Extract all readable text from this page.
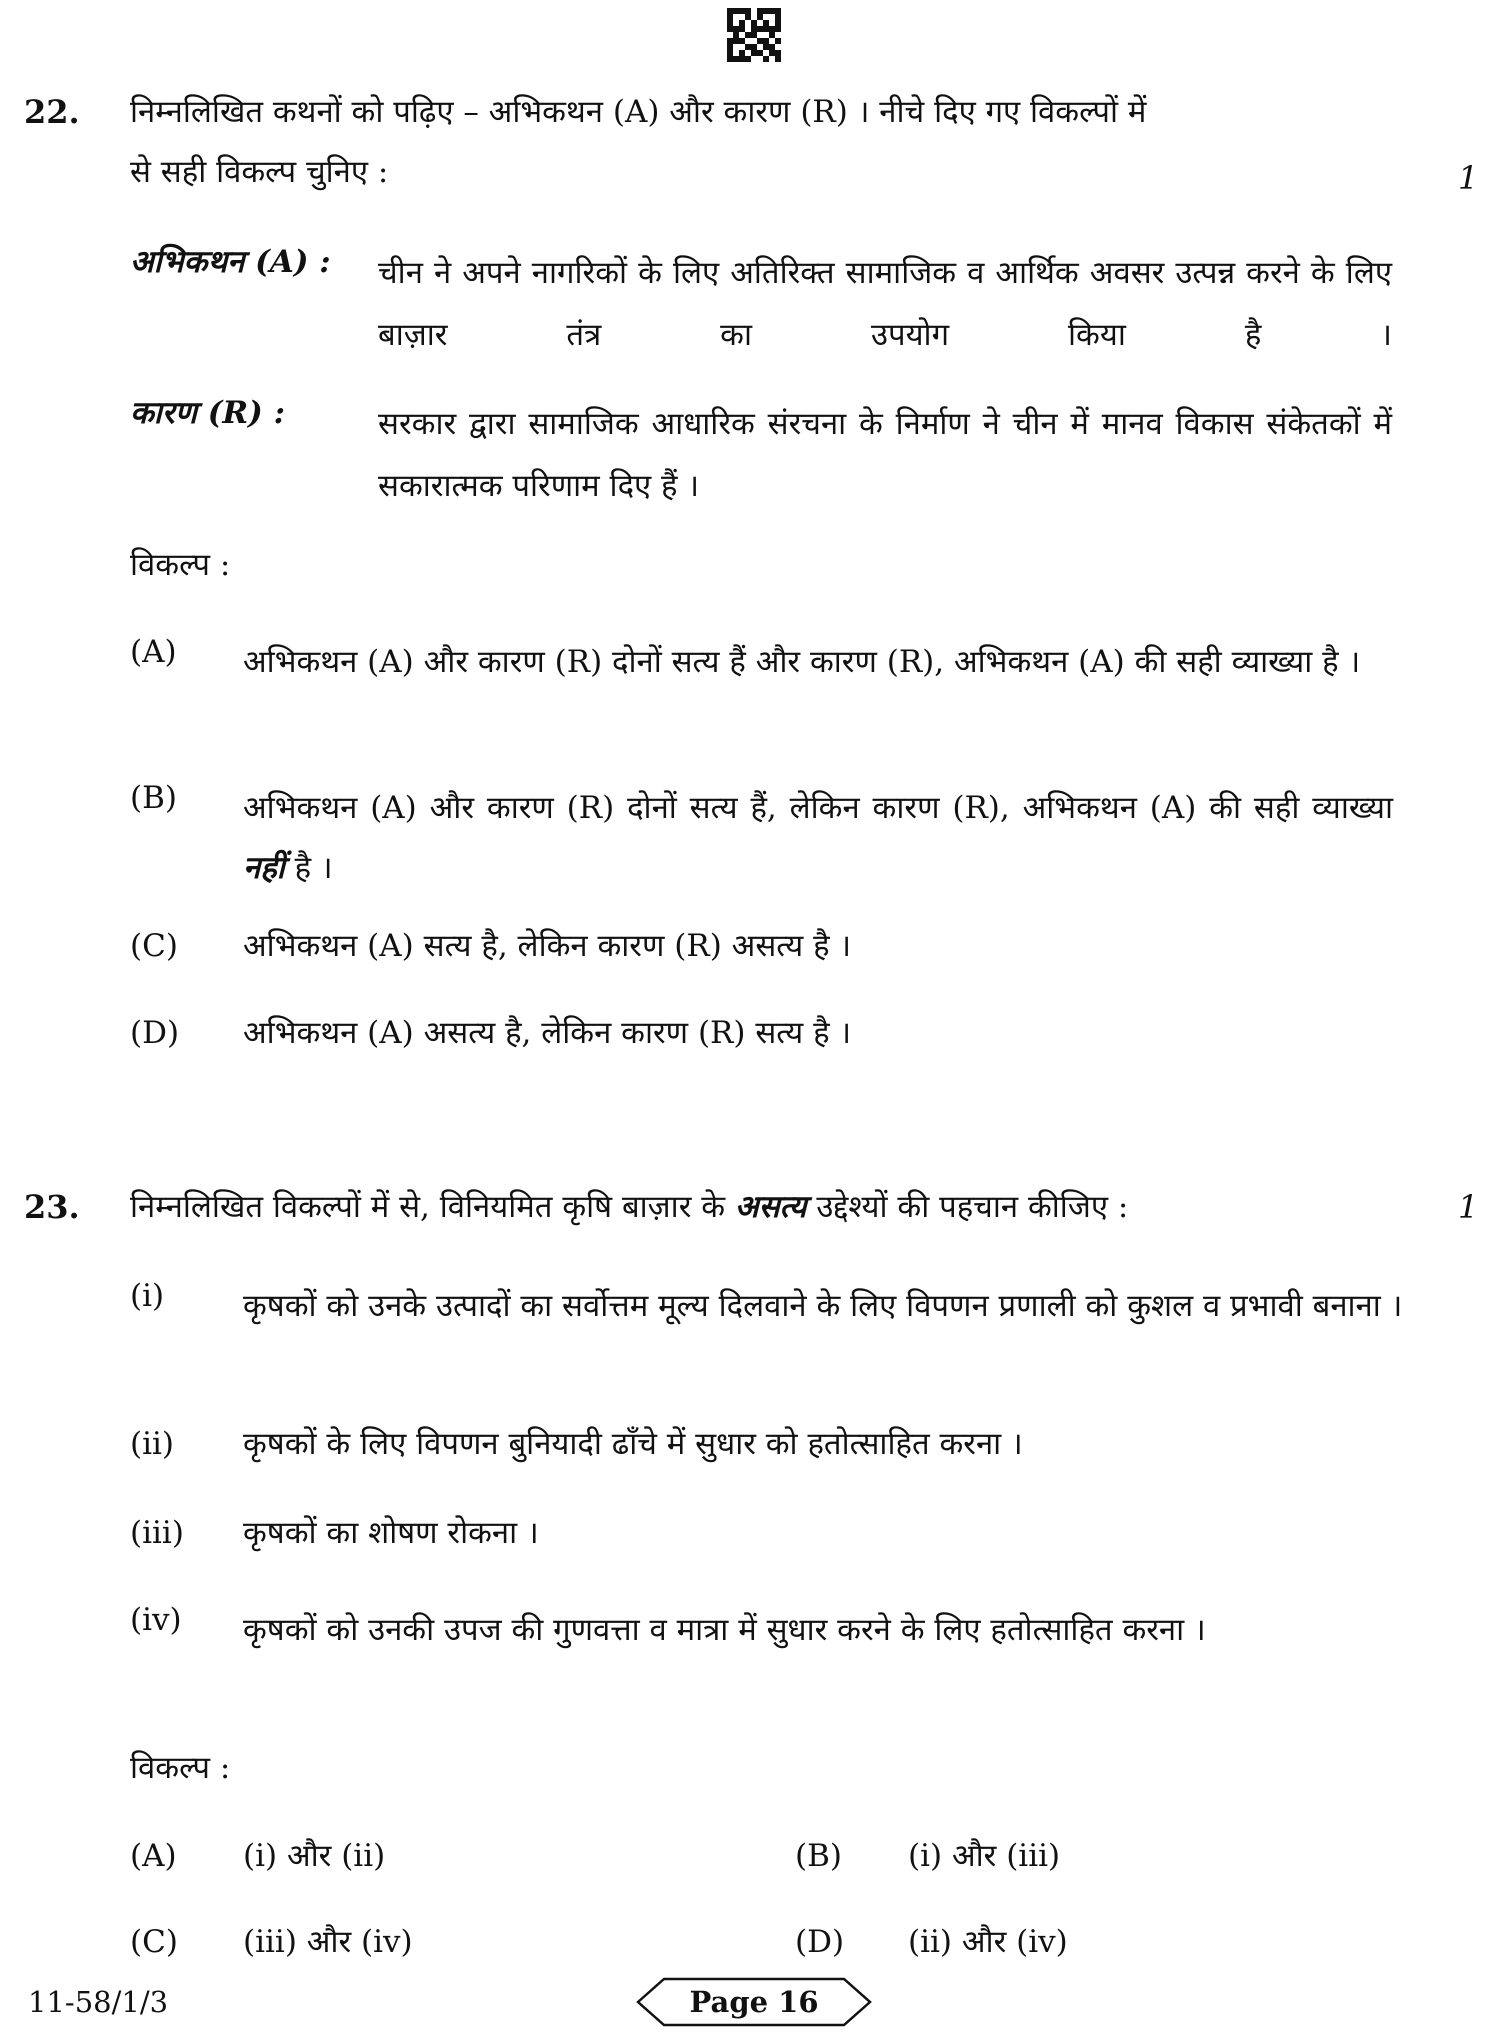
22. निम्नलिखित कथनों को पढ़िए – अभिकथन (A) और कारण (R) । नीचे दिए गए विकल्पों में
से सही विकल्प चुनिए :	1
अभिकथन (A) : चीन ने अपने नागरिकों के लिए अतिरिक्त सामाजिक व आर्थिक अवसर उत्पन्न करने के लिए बाज़ार तंत्र का उपयोग किया है ।
कारण (R) :	सरकार द्वारा सामाजिक आधारिक संरचना के निर्माण ने चीन में मानव विकास संकेतकों में सकारात्मक परिणाम दिए हैं ।
विकल्प :
(A) अभिकथन (A) और कारण (R) दोनों सत्य हैं और कारण (R), अभिकथन (A) की सही व्याख्या है ।
(B) अभिकथन (A) और कारण (R) दोनों सत्य हैं, लेकिन कारण (R), अभिकथन (A) की सही व्याख्या नहीं है ।
(C) अभिकथन (A) सत्य है, लेकिन कारण (R) असत्य है ।
(D) अभिकथन (A) असत्य है, लेकिन कारण (R) सत्य है ।
23. निम्नलिखित विकल्पों में से, विनियमित कृषि बाज़ार के असत्य उद्देश्यों की पहचान कीजिए :	1
(i)	कृषकों को उनके उत्पादों का सर्वोत्तम मूल्य दिलवाने के लिए विपणन प्रणाली को कुशल व प्रभावी बनाना ।
(ii) कृषकों के लिए विपणन बुनियादी ढाँचे में सुधार को हतोत्साहित करना ।
(iii) कृषकों का शोषण रोकना ।
(iv) कृषकों को उनकी उपज की गुणवत्ता व मात्रा में सुधार करने के लिए हतोत्साहित करना ।
विकल्प :
(A) (i) और (ii)	(B) (i) और (iii)
(C) (iii) और (iv)	(D) (ii) और (iv)
11-58/1/3	Page 16
